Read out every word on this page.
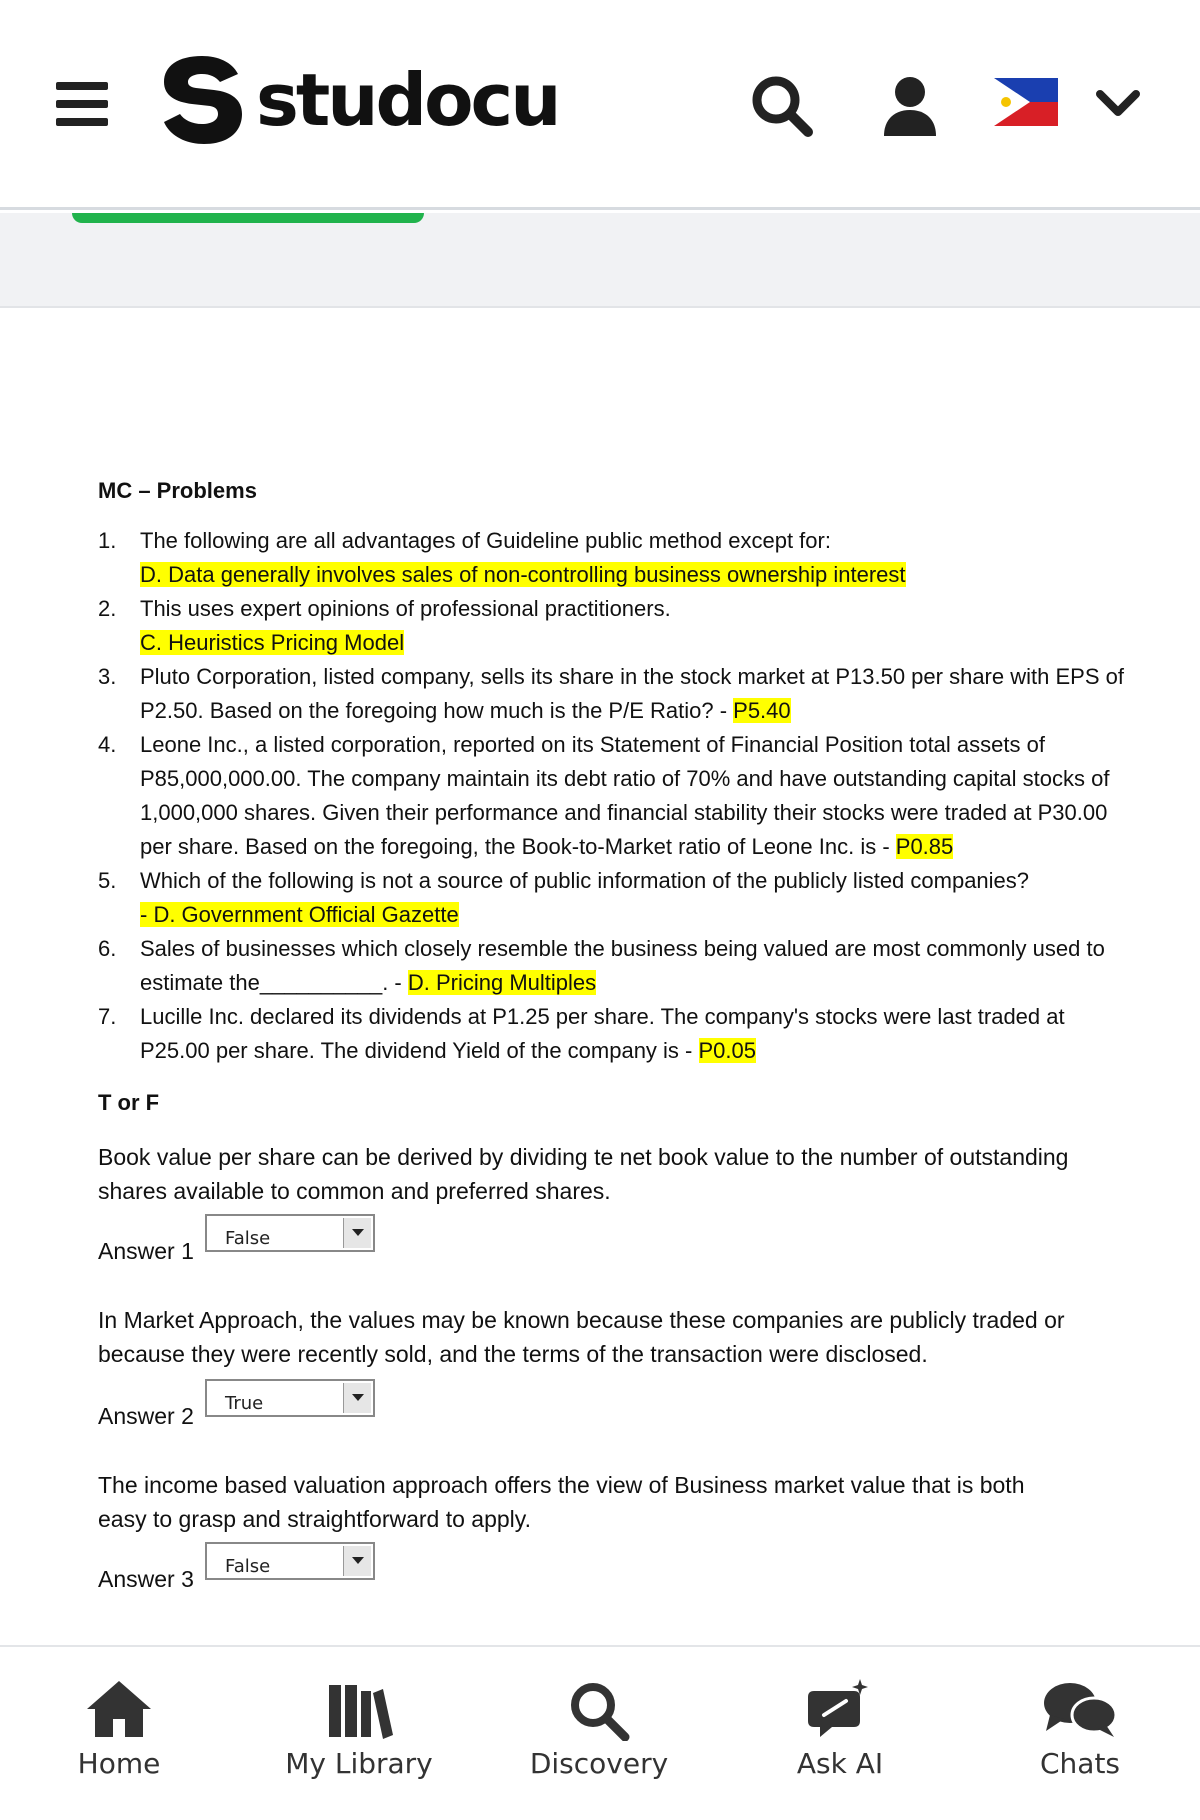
studocu
MC – Problems
1. The following are all advantages of Guideline public method except for:
D. Data generally involves sales of non-controlling business ownership interest
2. This uses expert opinions of professional practitioners.
C. Heuristics Pricing Model
3. Pluto Corporation, listed company, sells its share in the stock market at P13.50 per share with EPS of
P2.50. Based on the foregoing how much is the P/E Ratio? - P5.40
4. Leone Inc., a listed corporation, reported on its Statement of Financial Position total assets of
P85,000,000.00. The company maintain its debt ratio of 70% and have outstanding capital stocks of
1,000,000 shares. Given their performance and financial stability their stocks were traded at P30.00
per share. Based on the foregoing, the Book-to-Market ratio of Leone Inc. is - P0.85
5. Which of the following is not a source of public information of the publicly listed companies?
- D. Government Official Gazette
6. Sales of businesses which closely resemble the business being valued are most commonly used to
estimate the__________. - D. Pricing Multiples
7. Lucille Inc. declared its dividends at P1.25 per share. The company's stocks were last traded at
P25.00 per share. The dividend Yield of the company is - P0.05
T or F
Book value per share can be derived by dividing te net book value to the number of outstanding
shares available to common and preferred shares.
Answer 1 False
In Market Approach, the values may be known because these companies are publicly traded or
because they were recently sold, and the terms of the transaction were disclosed.
Answer 2 True
The income based valuation approach offers the view of Business market value that is both
easy to grasp and straightforward to apply.
Answer 3 False
Home	My Library	Discovery	Ask AI	Chats
